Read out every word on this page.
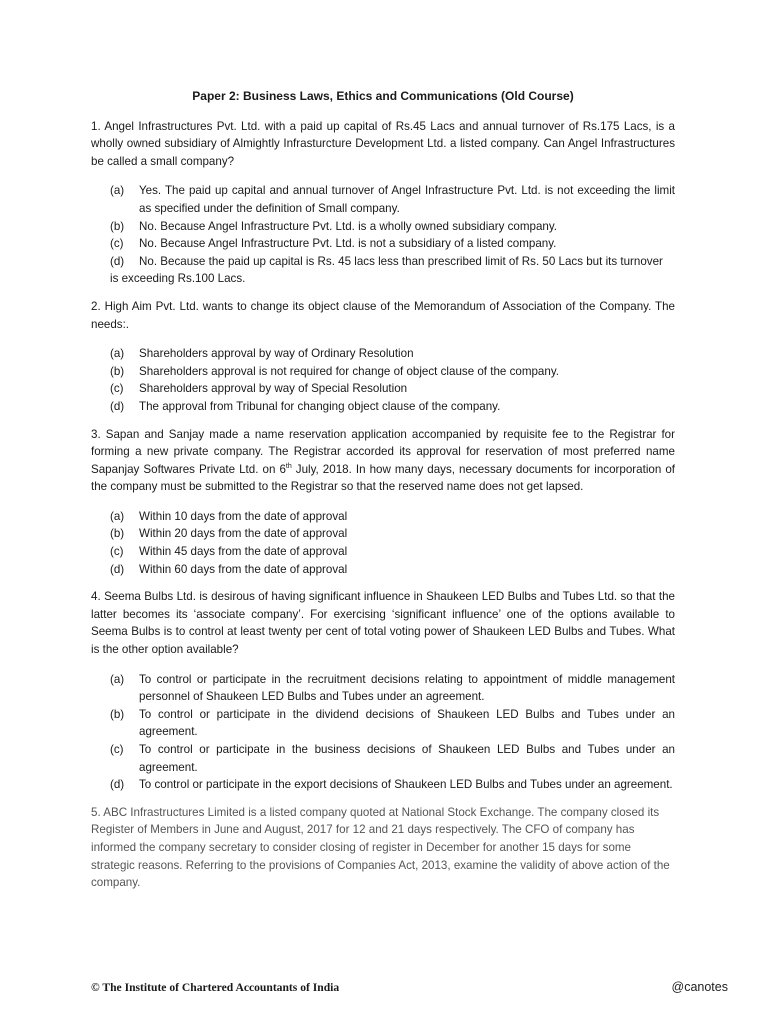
Paper 2: Business Laws, Ethics and Communications (Old Course)
1. Angel Infrastructures Pvt. Ltd. with a paid up capital of Rs.45 Lacs and annual turnover of Rs.175 Lacs, is a wholly owned subsidiary of Almightly Infrasturcture Development Ltd. a listed company. Can Angel Infrastructures be called a small company?
(a)	Yes. The paid up capital and annual turnover of Angel Infrastructure Pvt. Ltd. is not exceeding the limit as specified under the definition of Small company.
(b)	No. Because Angel Infrastructure Pvt. Ltd. is a wholly owned subsidiary company.
(c)	No. Because Angel Infrastructure Pvt. Ltd. is not a subsidiary of a listed company.
(d)	No. Because the paid up capital is Rs. 45 lacs less than prescribed limit of Rs. 50 Lacs but its turnover
is exceeding Rs.100 Lacs.
2. High Aim Pvt. Ltd. wants to change its object clause of the Memorandum of Association of the Company. The needs:.
(a)	Shareholders approval by way of Ordinary Resolution
(b)	Shareholders approval is not required for change of object clause of the company.
(c)	Shareholders approval by way of Special Resolution
(d)	The approval from Tribunal for changing object clause of the company.
3. Sapan and Sanjay made a name reservation application accompanied by requisite fee to the Registrar for forming a new private company. The Registrar accorded its approval for reservation of most preferred name Sapanjay Softwares Private Ltd. on 6th July, 2018. In how many days, necessary documents for incorporation of the company must be submitted to the Registrar so that the reserved name does not get lapsed.
(a)	Within 10 days from the date of approval
(b)	Within 20 days from the date of approval
(c)	Within 45 days from the date of approval
(d)	Within 60 days from the date of approval
4. Seema Bulbs Ltd. is desirous of having significant influence in Shaukeen LED Bulbs and Tubes Ltd. so that the latter becomes its ‘associate company’. For exercising ‘significant influence’ one of the options available to Seema Bulbs is to control at least twenty per cent of total voting power of Shaukeen LED Bulbs and Tubes. What is the other option available?
(a)	To control or participate in the recruitment decisions relating to appointment of middle management personnel of Shaukeen LED Bulbs and Tubes under an agreement.
(b)	To control or participate in the dividend decisions of Shaukeen LED Bulbs and Tubes under an agreement.
(c)	To control or participate in the business decisions of Shaukeen LED Bulbs and Tubes under an agreement.
(d)	To control or participate in the export decisions of Shaukeen LED Bulbs and Tubes under an agreement.
5. ABC Infrastructures Limited is a listed company quoted at National Stock Exchange. The company closed its Register of Members in June and August, 2017 for 12 and 21 days respectively. The CFO of company has informed the company secretary to consider closing of register in December for another 15 days for some strategic reasons. Referring to the provisions of Companies Act, 2013, examine the validity of above action of the company.
© The Institute of Chartered Accountants of India	@canotes
